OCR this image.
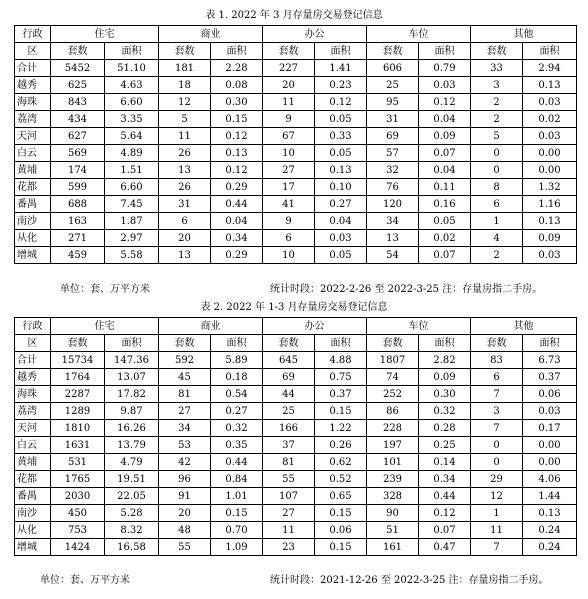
表 1. 2022 年 3 月存量房交易登记信息
行政	住宅		商业		办公		车位		其他	
区	套数	面积	套数	面积	套数	面积	套数	面积	套数	面积
合计	5452	51.10	181	2.28	227	1.41	606	0.79	33	2.94
越秀	625	4.63	18	0.08	20	0.23	25	0.03	3	0.13
海珠	843	6.60	12	0.30	11	0.12	95	0.12	2	0.03
荔湾	434	3.35	5	0.15	9	0.05	31	0.04	2	0.02
天河	627	5.64	11	0.12	67	0.33	69	0.09	5	0.03
白云	569	4.89	26	0.13	10	0.05	57	0.07	0	0.00
黄埔	174	1.51	13	0.12	27	0.13	32	0.04	0	0.00
花都	599	6.60	26	0.29	17	0.10	76	0.11	8	1.32
番禺	688	7.45	31	0.44	41	0.27	120	0.16	6	1.16
南沙	163	1.87	6	0.04	9	0.04	34	0.05	1	0.13
从化	271	2.97	20	0.34	6	0.03	13	0.02	4	0.09
增城	459	5.58	13	0.29	10	0.05	54	0.07	2	0.03
单位：套、万平方米	统计时段：2022-2-26 至 2022-3-25 注：存量房指二手房。
表 2. 2022 年 1-3 月存量房交易登记信息
行政	住宅		商业		办公		车位		其他	
区	套数	面积	套数	面积	套数	面积	套数	面积	套数	面积
合计	15734	147.36	592	5.89	645	4.88	1807	2.82	83	6.73
越秀	1764	13.07	45	0.18	69	0.75	74	0.09	6	0.37
海珠	2287	17.82	81	0.54	44	0.37	252	0.30	7	0.06
荔湾	1289	9.87	27	0.27	25	0.15	86	0.32	3	0.03
天河	1810	16.26	34	0.32	166	1.22	228	0.28	7	0.17
白云	1631	13.79	53	0.35	37	0.26	197	0.25	0	0.00
黄埔	531	4.79	42	0.44	81	0.62	101	0.14	0	0.00
花都	1765	19.51	96	0.84	55	0.52	239	0.34	29	4.06
番禺	2030	22.05	91	1.01	107	0.65	328	0.44	12	1.44
南沙	450	5.28	20	0.15	27	0.15	90	0.12	1	0.13
从化	753	8.32	48	0.70	11	0.06	51	0.07	11	0.24
增城	1424	16.58	55	1.09	23	0.15	161	0.47	7	0.24
单位：套、万平方米	统计时段：2021-12-26 至 2022-3-25 注：存量房指二手房。
